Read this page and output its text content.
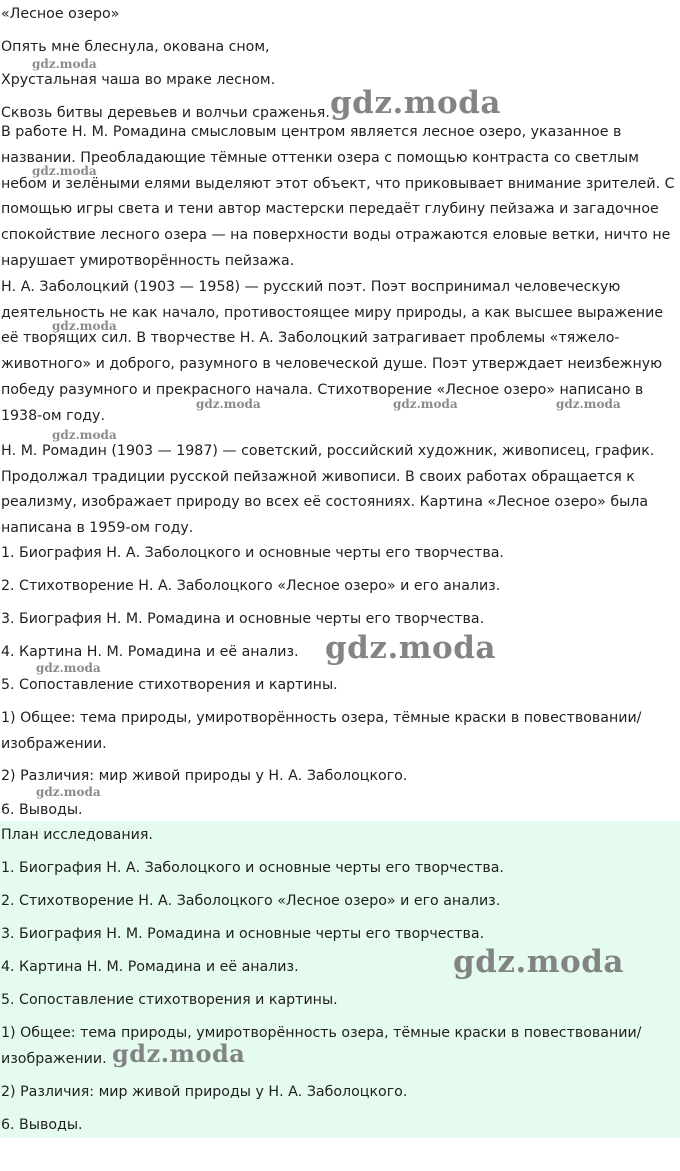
«Лесное озеро»
Опять мне блеснула, окована сном,
Хрустальная чаша во мраке лесном.
Сквозь битвы деревьев и волчьи сраженья.
В работе Н. М. Ромадина смысловым центром является лесное озеро, указанное в
названии. Преобладающие тёмные оттенки озера с помощью контраста со светлым
небом и зелёными елями выделяют этот объект, что приковывает внимание зрителей. С
помощью игры света и тени автор мастерски передаёт глубину пейзажа и загадочное
спокойствие лесного озера — на поверхности воды отражаются еловые ветки, ничто не
нарушает умиротворённость пейзажа.
Н. А. Заболоцкий (1903 — 1958) — русский поэт. Поэт воспринимал человеческую
деятельность не как начало, противостоящее миру природы, а как высшее выражение
её творящих сил. В творчестве Н. А. Заболоцкий затрагивает проблемы «тяжело-
животного» и доброго, разумного в человеческой душе. Поэт утверждает неизбежную
победу разумного и прекрасного начала. Стихотворение «Лесное озеро» написано в
1938-ом году.
Н. М. Ромадин (1903 — 1987) — советский, российский художник, живописец, график.
Продолжал традиции русской пейзажной живописи. В своих работах обращается к
реализму, изображает природу во всех её состояниях. Картина «Лесное озеро» была
написана в 1959-ом году.
1. Биография Н. А. Заболоцкого и основные черты его творчества.
2. Стихотворение Н. А. Заболоцкого «Лесное озеро» и его анализ.
3. Биография Н. М. Ромадина и основные черты его творчества.
4. Картина Н. М. Ромадина и её анализ.
5. Сопоставление стихотворения и картины.
1) Общее: тема природы, умиротворённость озера, тёмные краски в повествовании/
изображении.
2) Различия: мир живой природы у Н. А. Заболоцкого.
6. Выводы.
План исследования.
1. Биография Н. А. Заболоцкого и основные черты его творчества.
2. Стихотворение Н. А. Заболоцкого «Лесное озеро» и его анализ.
3. Биография Н. М. Ромадина и основные черты его творчества.
4. Картина Н. М. Ромадина и её анализ.
5. Сопоставление стихотворения и картины.
1) Общее: тема природы, умиротворённость озера, тёмные краски в повествовании/
изображении.
2) Различия: мир живой природы у Н. А. Заболоцкого.
6. Выводы.
gdz.moda
gdz.moda
gdz.moda
gdz.moda
gdz.moda	gdz.moda	gdz.moda
gdz.moda
gdz.moda
gdz.moda
gdz.moda
gdz.moda
gdz.moda
